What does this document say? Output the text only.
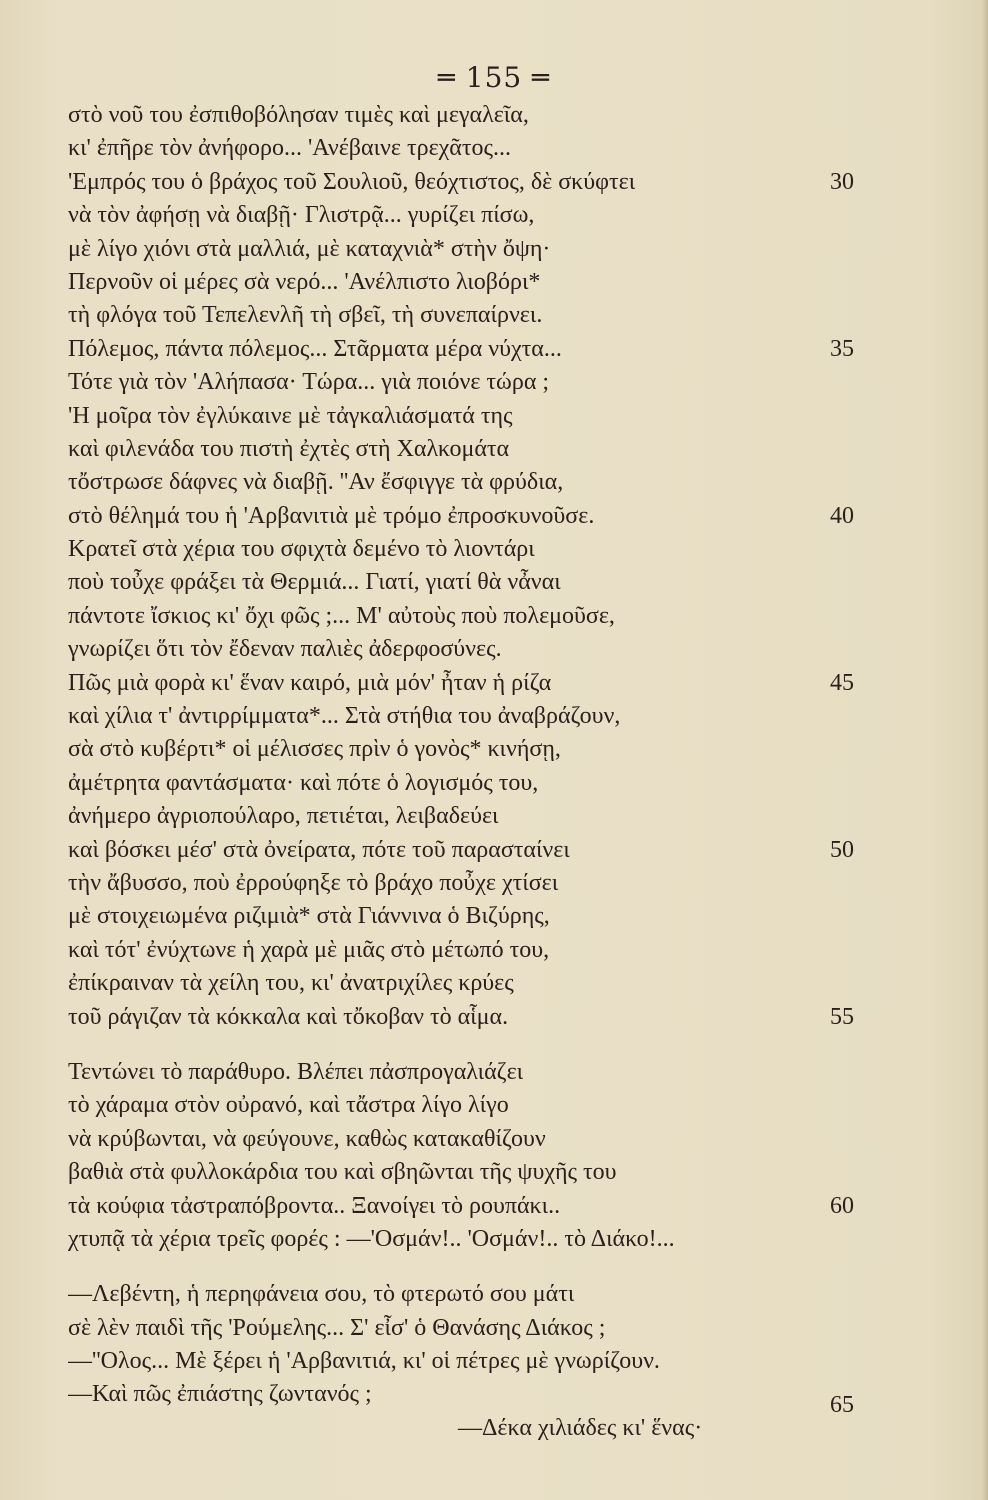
═ 155 ═
στὸ νοῦ του ἐσπιθοβόλησαν τιμὲς καὶ μεγαλεῖα,
κι' ἐπῆρε τὸν ἀνήφορο... 'Ανέβαινε τρεχᾶτος...
'Εμπρός του ὁ βράχος τοῦ Σουλιοῦ, θεόχτιστος, δὲ σκύφτει
νὰ τὸν ἀφήσῃ νὰ διαβῇ· Γλιστρᾷ... γυρίζει πίσω,
μὲ λίγο χιόνι στὰ μαλλιά, μὲ καταχνιὰ* στὴν ὄψη·
Περνοῦν οἱ μέρες σὰ νερό... 'Ανέλπιστο λιοβόρι*
τὴ φλόγα τοῦ Τεπελενλῆ τὴ σβεῖ, τὴ συνεπαίρνει.
Πόλεμος, πάντα πόλεμος... Στᾶρματα μέρα νύχτα...
Τότε γιὰ τὸν 'Αλήπασα· Τώρα... γιὰ ποιόνε τώρα ;
'Η μοῖρα τὸν ἐγλύκαινε μὲ τἀγκαλιάσματά της
καὶ φιλενάδα του πιστὴ ἐχτὲς στὴ Χαλκομάτα
τὄστρωσε δάφνες νὰ διαβῇ. ''Αν ἔσφιγγε τὰ φρύδια,
στὸ θέλημά του ἡ 'Αρβανιτιὰ μὲ τρόμο ἐπροσκυνοῦσε.
Κρατεῖ στὰ χέρια του σφιχτὰ δεμένο τὸ λιοντάρι
ποὺ τοὖχε φράξει τὰ Θερμιά... Γιατί, γιατί θὰ νἆναι
πάντοτε ἴσκιος κι' ὄχι φῶς ;... Μ' αὐτοὺς ποὺ πολεμοῦσε,
γνωρίζει ὅτι τὸν ἔδεναν παλιὲς ἀδερφοσύνες.
Πῶς μιὰ φορὰ κι' ἕναν καιρό, μιὰ μόν' ἦταν ἡ ρίζα
καὶ χίλια τ' ἀντιρρίμματα*... Στὰ στήθια του ἀναβράζουν,
σὰ στὸ κυβέρτι* οἱ μέλισσες πρὶν ὁ γονὸς* κινήσῃ,
ἀμέτρητα φαντάσματα· καὶ πότε ὁ λογισμός του,
ἀνήμερο ἀγριοπούλαρο, πετιέται, λειβαδεύει
καὶ βόσκει μέσ' στὰ ὀνείρατα, πότε τοῦ παρασταίνει
τὴν ἄβυσσο, ποὺ ἐρρούφηξε τὸ βράχο ποὖχε χτίσει
μὲ στοιχειωμένα ριζιμιὰ* στὰ Γιάννινα ὁ Βιζύρης,
καὶ τότ' ἐνύχτωνε ἡ χαρὰ μὲ μιᾶς στὸ μέτωπό του,
ἐπίκραιναν τὰ χείλη του, κι' ἀνατριχίλες κρύες
τοῦ ράγιζαν τὰ κόκκαλα καὶ τὄκοβαν τὸ αἷμα.
Τεντώνει τὸ παράθυρο. Βλέπει πἀσπρογαλιάζει
τὸ χάραμα στὸν οὐρανό, καὶ τἄστρα λίγο λίγο
νὰ κρύβωνται, νὰ φεύγουνε, καθὼς κατακαθίζουν
βαθιὰ στὰ φυλλοκάρδια του καὶ σβηῶνται τῆς ψυχῆς του
τὰ κούφια τἀστραπόβροντα.. Ξανοίγει τὸ ρουπάκι..
χτυπᾷ τὰ χέρια τρεῖς φορές : —'Οσμάν!.. 'Οσμάν!.. τὸ Διάκο!...
—Λεβέντη, ἡ περηφάνεια σου, τὸ φτερωτό σου μάτι
σὲ λὲν παιδὶ τῆς 'Ρούμελης... Σ' εἶσ' ὁ Θανάσης Διάκος ;
—''Ολος... Μὲ ξέρει ἡ 'Αρβανιτιά, κι' οἱ πέτρες μὲ γνωρίζουν.
—Καὶ πῶς ἐπιάστης ζωντανός ;
—Δέκα χιλιάδες κι' ἕνας·
30
35
40
45
50
55
60
65
